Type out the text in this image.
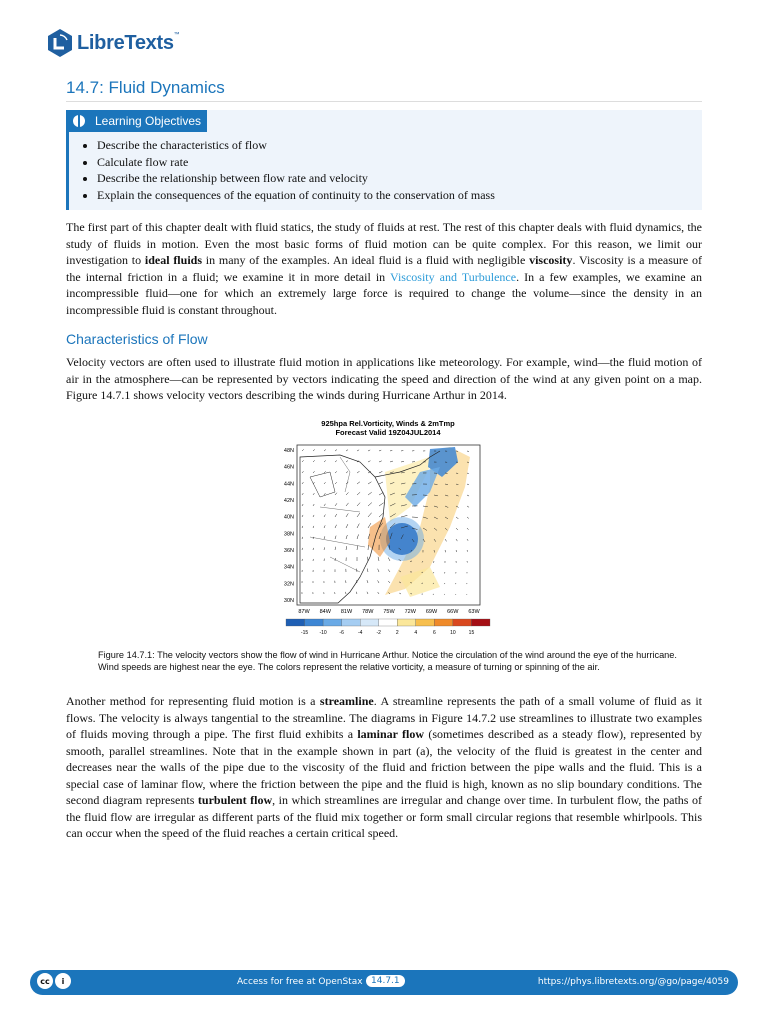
LibreTexts™
14.7: Fluid Dynamics
Learning Objectives
• Describe the characteristics of flow
• Calculate flow rate
• Describe the relationship between flow rate and velocity
• Explain the consequences of the equation of continuity to the conservation of mass

The first part of this chapter dealt with fluid statics, the study of fluids at rest. The rest of this chapter deals with fluid dynamics, the study of fluids in motion. Even the most basic forms of fluid motion can be quite complex. For this reason, we limit our investigation to ideal fluids in many of the examples. An ideal fluid is a fluid with negligible viscosity. Viscosity is a measure of the internal friction in a fluid; we examine it in more detail in Viscosity and Turbulence. In a few examples, we examine an incompressible fluid—one for which an extremely large force is required to change the volume—since the density in an incompressible fluid is constant throughout.

Characteristics of Flow

Velocity vectors are often used to illustrate fluid motion in applications like meteorology. For example, wind—the fluid motion of air in the atmosphere—can be represented by vectors indicating the speed and direction of the wind at any given point on a map. Figure 14.7.1 shows velocity vectors describing the winds during Hurricane Arthur in 2014.

925hpa Rel.Vorticity, Winds & 2mTmp
Forecast Valid 19Z04JUL2014
48N
46N
44N
42N
40N
38N
36N
34N
32N
30N
87W 84W 81W 78W 75W 72W 69W 66W 63W
-15 -10	-6	-4	-2	2	4	6	10	15

Figure 14.7.1: The velocity vectors show the flow of wind in Hurricane Arthur. Notice the circulation of the wind around the eye of the hurricane. Wind speeds are highest near the eye. The colors represent the relative vorticity, a measure of turning or spinning of the air.

Another method for representing fluid motion is a streamline. A streamline represents the path of a small volume of fluid as it flows. The velocity is always tangential to the streamline. The diagrams in Figure 14.7.2 use streamlines to illustrate two examples of fluids moving through a pipe. The first fluid exhibits a laminar flow (sometimes described as a steady flow), represented by smooth, parallel streamlines. Note that in the example shown in part (a), the velocity of the fluid is greatest in the center and decreases near the walls of the pipe due to the viscosity of the fluid and friction between the pipe walls and the fluid. This is a special case of laminar flow, where the friction between the pipe and the fluid is high, known as no slip boundary conditions. The second diagram represents turbulent flow, in which streamlines are irregular and change over time. In turbulent flow, the paths of the fluid flow are irregular as different parts of the fluid mix together or form small circular regions that resemble whirlpools. This can occur when the speed of the fluid reaches a certain critical speed.

cc	i	Access for free at OpenStax 14.7.1	https://phys.libretexts.org/@go/page/4059
